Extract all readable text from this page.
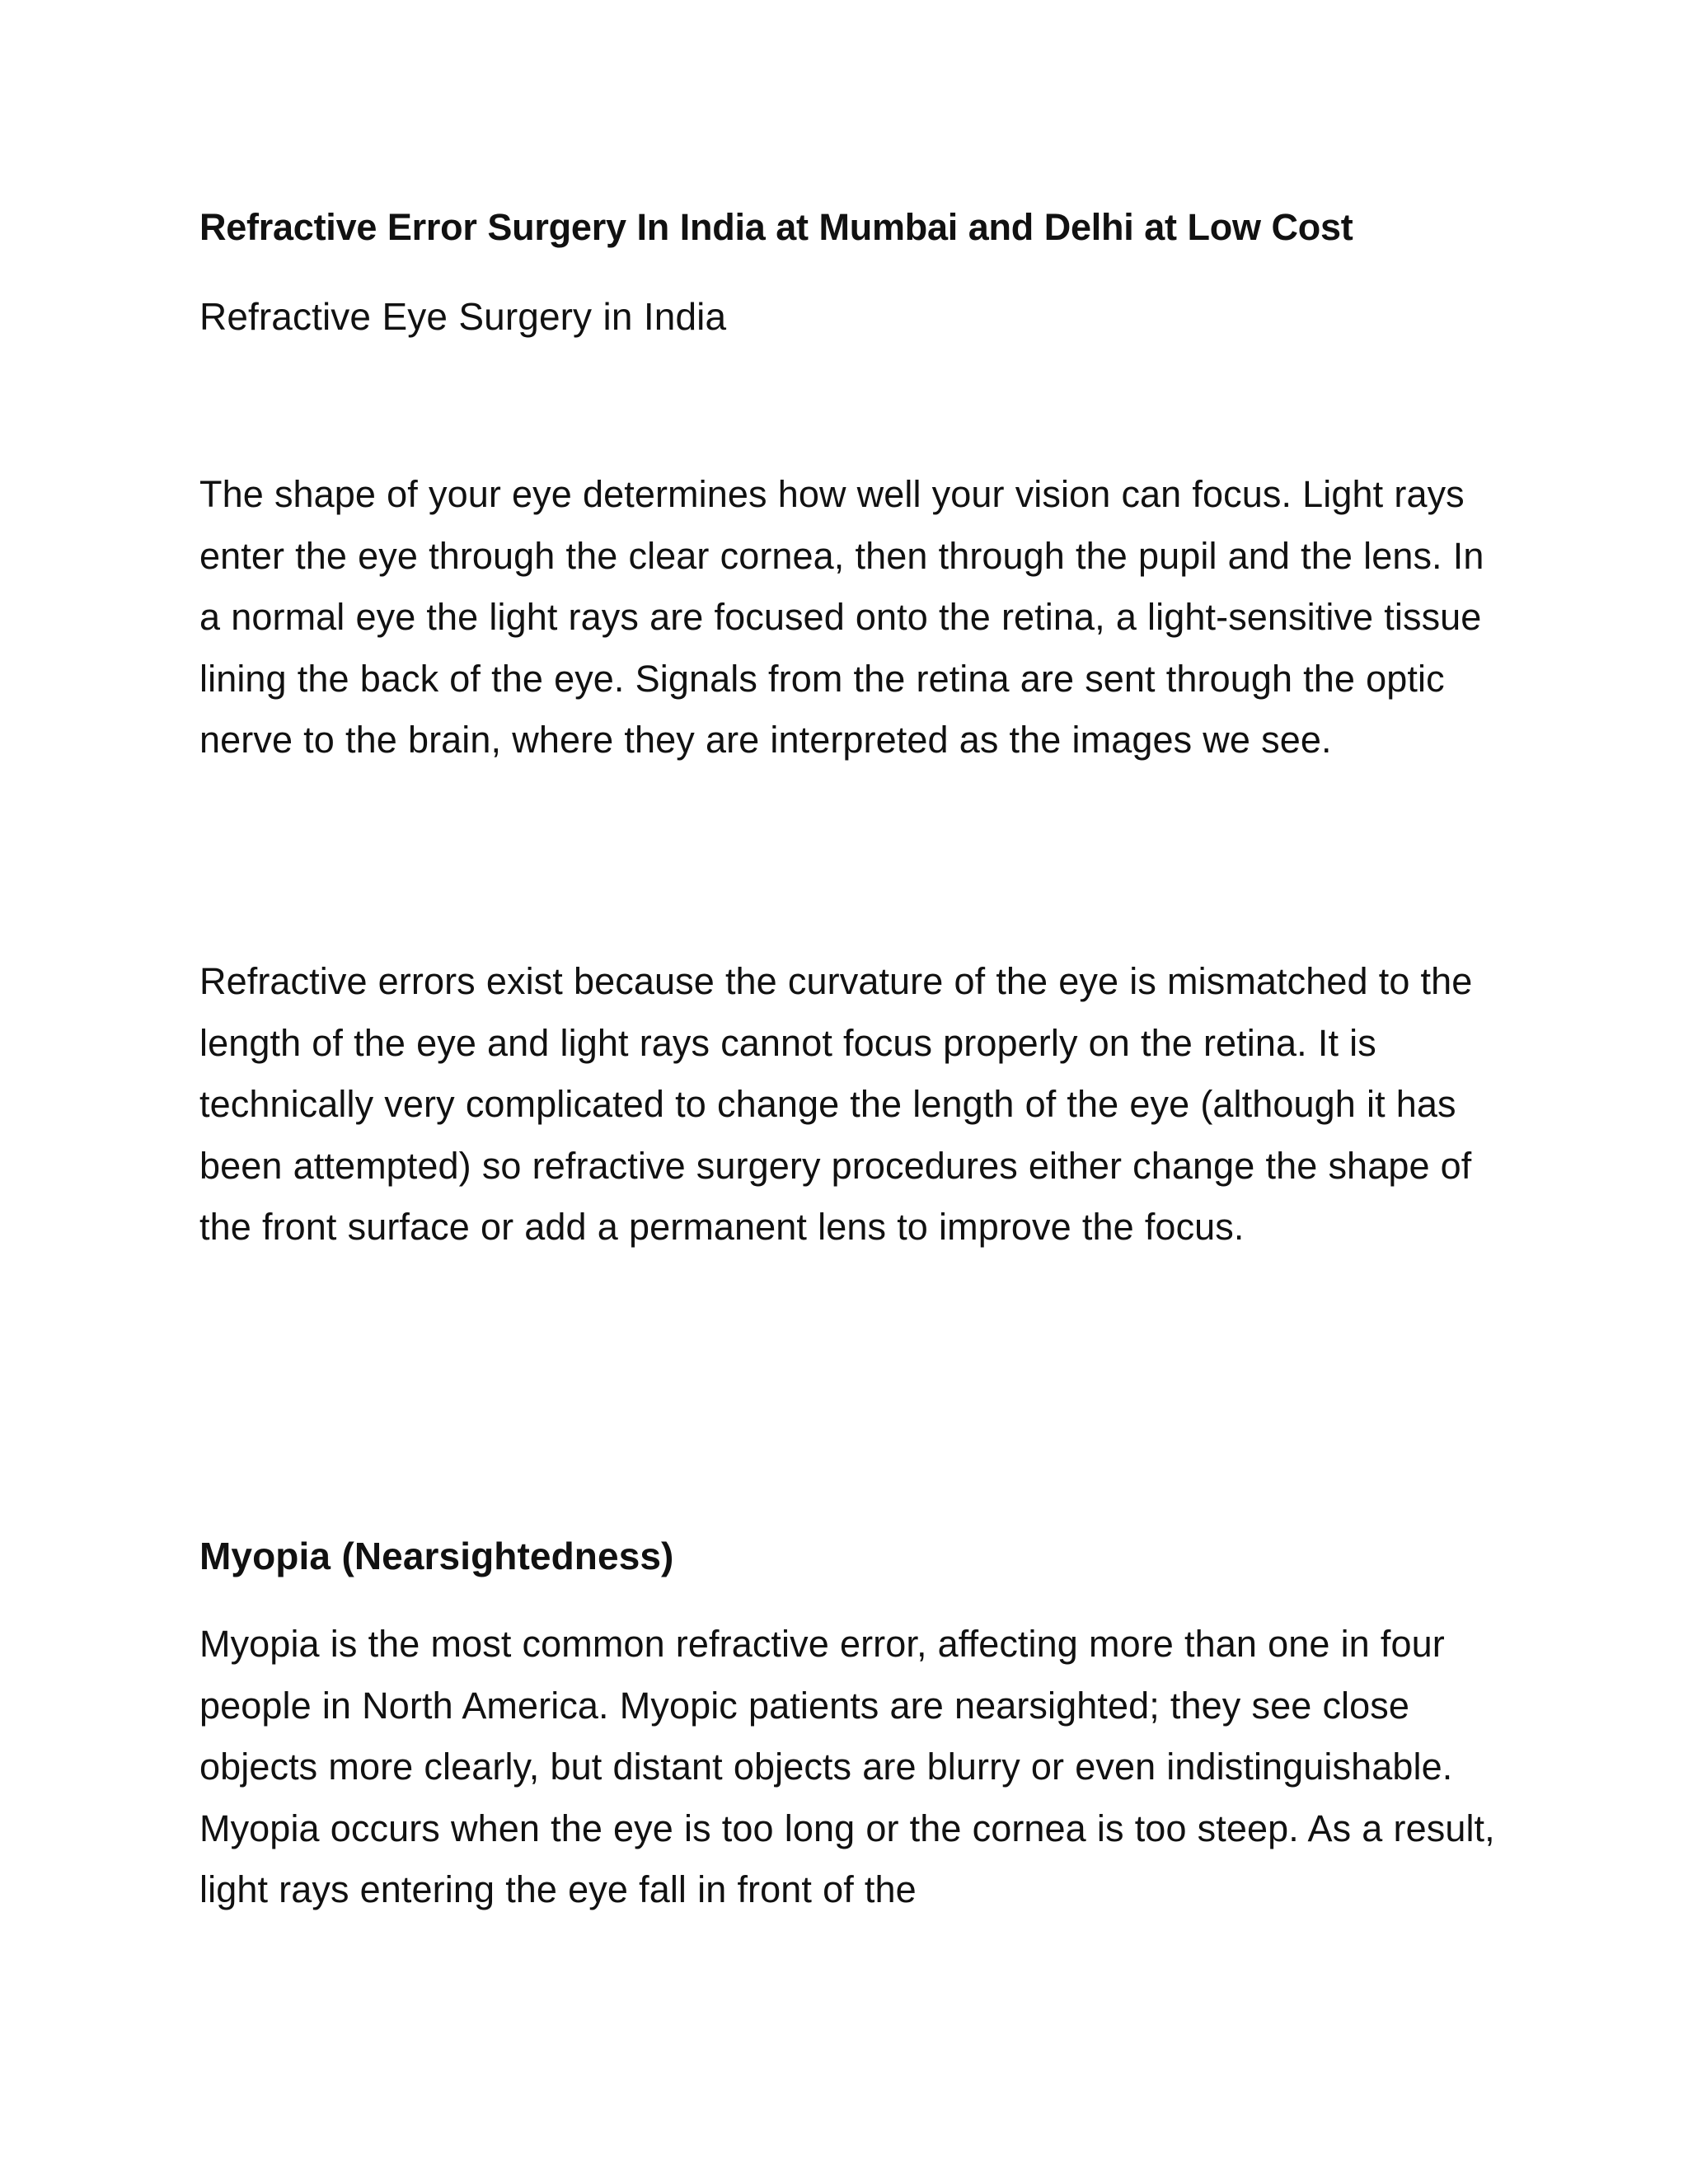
Refractive Error Surgery In India at Mumbai and Delhi at Low Cost

Refractive Eye Surgery in India

The shape of your eye determines how well your vision can focus. Light rays enter the eye through the clear cornea, then through the pupil and the lens. In a normal eye the light rays are focused onto the retina, a light-sensitive tissue lining the back of the eye. Signals from the retina are sent through the optic nerve to the brain, where they are interpreted as the images we see.

Refractive errors exist because the curvature of the eye is mismatched to the length of the eye and light rays cannot focus properly on the retina. It is technically very complicated to change the length of the eye (although it has been attempted) so refractive surgery procedures either change the shape of the front surface or add a permanent lens to improve the focus.

Myopia (Nearsightedness)

Myopia is the most common refractive error, affecting more than one in four people in North America. Myopic patients are nearsighted; they see close objects more clearly, but distant objects are blurry or even indistinguishable. Myopia occurs when the eye is too long or the cornea is too steep. As a result, light rays entering the eye fall in front of the
